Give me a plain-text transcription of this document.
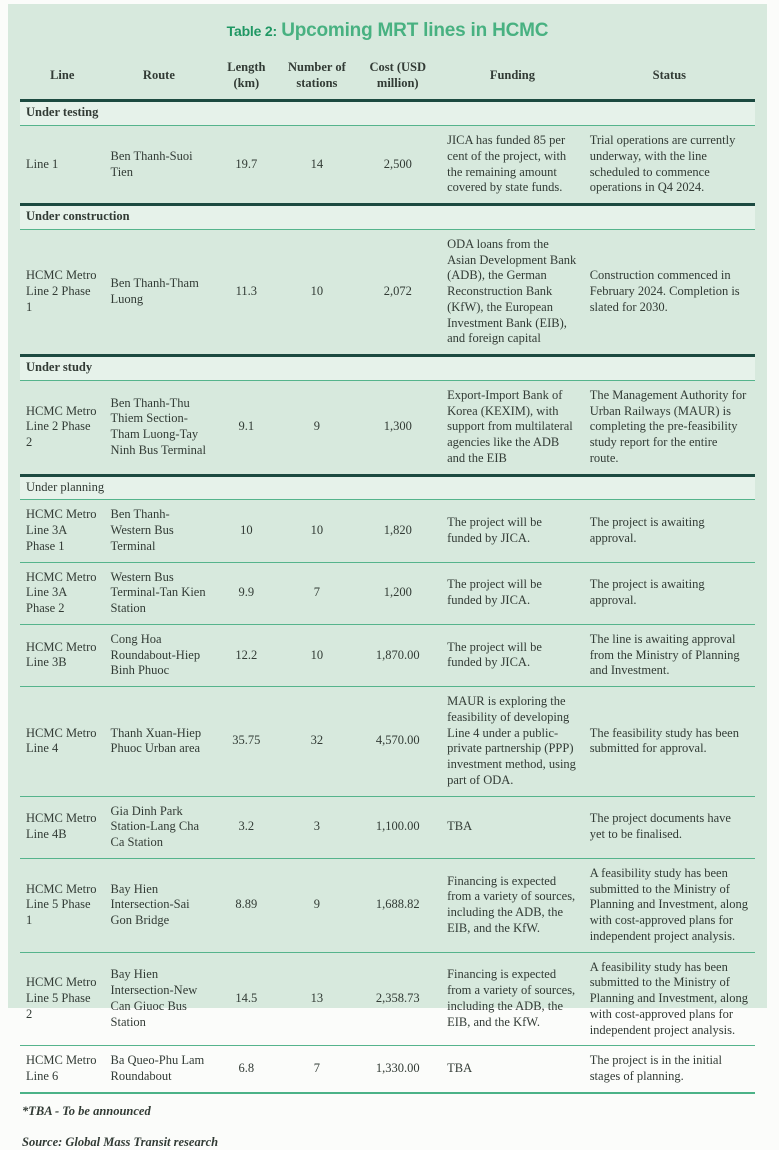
Table 2: Upcoming MRT lines in HCMC
Line	Route	Length (km)	Number of stations	Cost (USD million)	Funding	Status
Under testing						
Line 1	Ben Thanh-Suoi Tien	19.7	14	2,500	JICA has funded 85 per cent of the project, with the remaining amount covered by state funds.	Trial operations are currently underway, with the line scheduled to commence operations in Q4 2024.
Under construction						
HCMC Metro Line 2 Phase 1	Ben Thanh-Tham Luong	11.3	10	2,072	ODA loans from the Asian Development Bank (ADB), the German Reconstruction Bank (KfW), the European Investment Bank (EIB), and foreign capital	Construction commenced in February 2024. Completion is slated for 2030.
Under study						
HCMC Metro Line 2 Phase 2	Ben Thanh-Thu Thiem Section-Tham Luong-Tay Ninh Bus Terminal	9.1	9	1,300	Export-Import Bank of Korea (KEXIM), with support from multilateral agencies like the ADB and the EIB	The Management Authority for Urban Railways (MAUR) is completing the pre-feasibility study report for the entire route.
Under planning						
HCMC Metro Line 3A Phase 1	Ben Thanh-Western Bus Terminal	10	10	1,820	The project will be funded by JICA.	The project is awaiting approval.
HCMC Metro Line 3A Phase 2	Western Bus Terminal-Tan Kien Station	9.9	7	1,200	The project will be funded by JICA.	The project is awaiting approval.
HCMC Metro Line 3B	Cong Hoa Roundabout-Hiep Binh Phuoc	12.2	10	1,870.00	The project will be funded by JICA.	The line is awaiting approval from the Ministry of Planning and Investment.
HCMC Metro Line 4	Thanh Xuan-Hiep Phuoc Urban area	35.75	32	4,570.00	MAUR is exploring the feasibility of developing Line 4 under a public-private partnership (PPP) investment method, using part of ODA.	The feasibility study has been submitted for approval.
HCMC Metro Line 4B	Gia Dinh Park Station-Lang Cha Ca Station	3.2	3	1,100.00	TBA	The project documents have yet to be finalised.
HCMC Metro Line 5 Phase 1	Bay Hien Intersection-Sai Gon Bridge	8.89	9	1,688.82	Financing is expected from a variety of sources, including the ADB, the EIB, and the KfW.	A feasibility study has been submitted to the Ministry of Planning and Investment, along with cost-approved plans for independent project analysis.
HCMC Metro Line 5 Phase 2	Bay Hien Intersection-New Can Giuoc Bus Station	14.5	13	2,358.73	Financing is expected from a variety of sources, including the ADB, the EIB, and the KfW.	A feasibility study has been submitted to the Ministry of Planning and Investment, along with cost-approved plans for independent project analysis.
HCMC Metro Line 6	Ba Queo-Phu Lam Roundabout	6.8	7	1,330.00	TBA	The project is in the initial stages of planning.

*TBA - To be announced

Source: Global Mass Transit research
